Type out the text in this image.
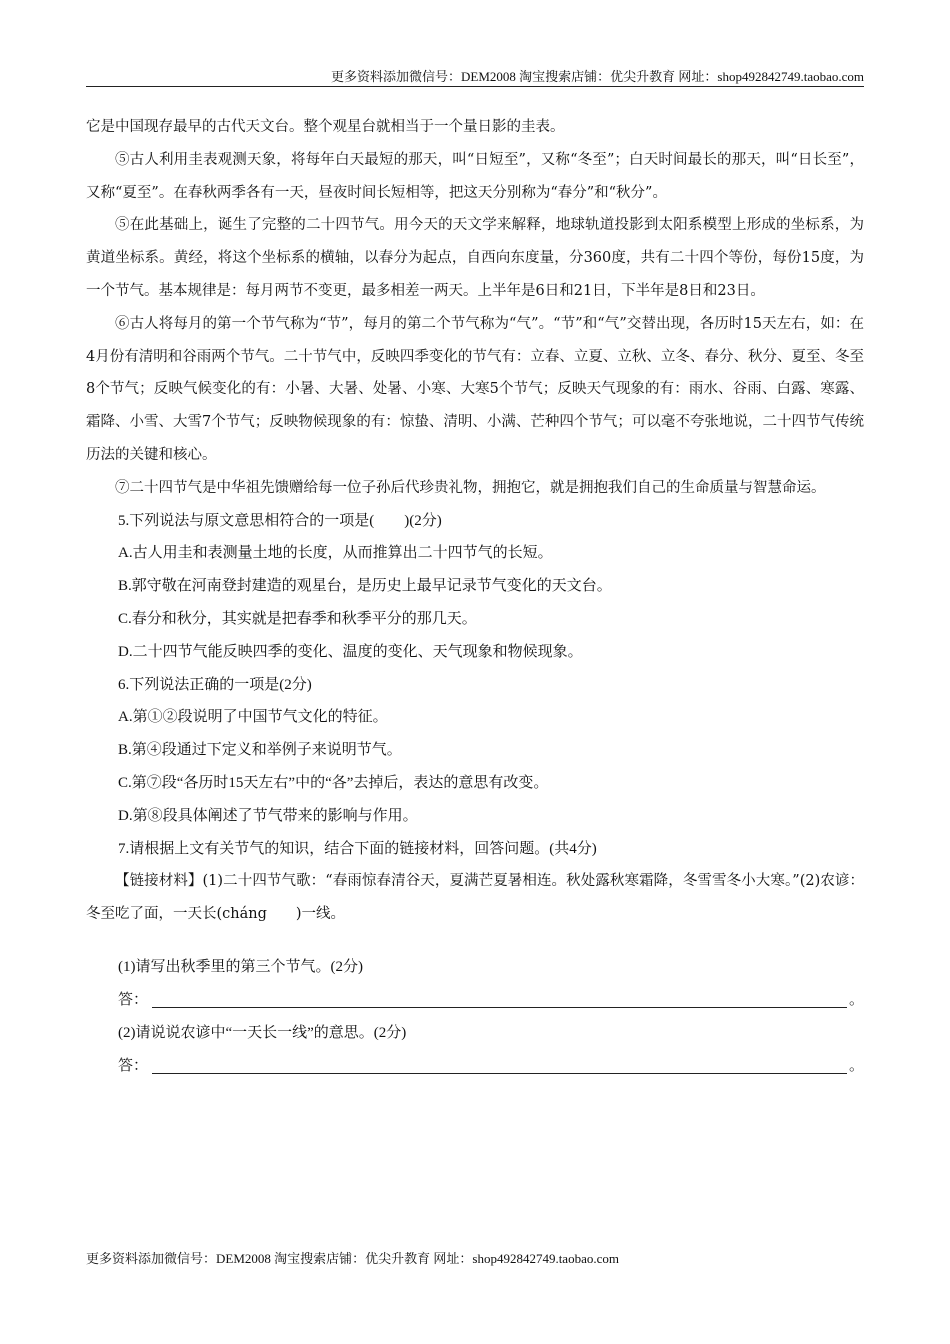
更多资料添加微信号：DEM2008 淘宝搜索店铺：优尖升教育 网址：shop492842749.taobao.com

它是中国现存最早的古代天文台。整个观星台就相当于一个量日影的圭表。

⑤古人利用圭表观测天象，将每年白天最短的那天，叫“日短至”，又称“冬至”；白天时间最长的那天，叫“日长至”，又称“夏至”。在春秋两季各有一天，昼夜时间长短相等，把这天分别称为“春分”和“秋分”。

⑤在此基础上，诞生了完整的二十四节气。用今天的天文学来解释，地球轨道投影到太阳系模型上形成的坐标系，为黄道坐标系。黄经，将这个坐标系的横轴，以春分为起点，自西向东度量，分360度，共有二十四个等份，每份15度，为一个节气。基本规律是：每月两节不变更，最多相差一两天。上半年是6日和21日，下半年是8日和23日。

⑥古人将每月的第一个节气称为“节”，每月的第二个节气称为“气”。“节”和“气”交替出现，各历时15天左右，如：在4月份有清明和谷雨两个节气。二十节气中，反映四季变化的节气有：立春、立夏、立秋、立冬、春分、秋分、夏至、冬至8个节气；反映气候变化的有：小暑、大暑、处暑、小寒、大寒5个节气；反映天气现象的有：雨水、谷雨、白露、寒露、霜降、小雪、大雪7个节气；反映物候现象的有：惊蛰、清明、小满、芒种四个节气；可以毫不夸张地说，二十四节气传统历法的关键和核心。

⑦二十四节气是中华祖先馈赠给每一位子孙后代珍贵礼物，拥抱它，就是拥抱我们自己的生命质量与智慧命运。

5.下列说法与原文意思相符合的一项是(　　)(2分)

A.古人用圭和表测量土地的长度，从而推算出二十四节气的长短。

B.郭守敬在河南登封建造的观星台，是历史上最早记录节气变化的天文台。

C.春分和秋分，其实就是把春季和秋季平分的那几天。

D.二十四节气能反映四季的变化、温度的变化、天气现象和物候现象。

6.下列说法正确的一项是(2分)

A.第①②段说明了中国节气文化的特征。

B.第④段通过下定义和举例子来说明节气。

C.第⑦段“各历时15天左右”中的“各”去掉后，表达的意思有改变。

D.第⑧段具体阐述了节气带来的影响与作用。

7.请根据上文有关节气的知识，结合下面的链接材料，回答问题。(共4分)

【链接材料】(1)二十四节气歌：“春雨惊春清谷天，夏满芒夏暑相连。秋处露秋寒霜降，冬雪雪冬小大寒。”(2)农谚：冬至吃了面，一天长(cháng　　)一线。

(1)请写出秋季里的第三个节气。(2分)

答：	。

(2)请说说农谚中“一天长一线”的意思。(2分)

答：	。
更多资料添加微信号：DEM2008 淘宝搜索店铺：优尖升教育 网址：shop492842749.taobao.com
